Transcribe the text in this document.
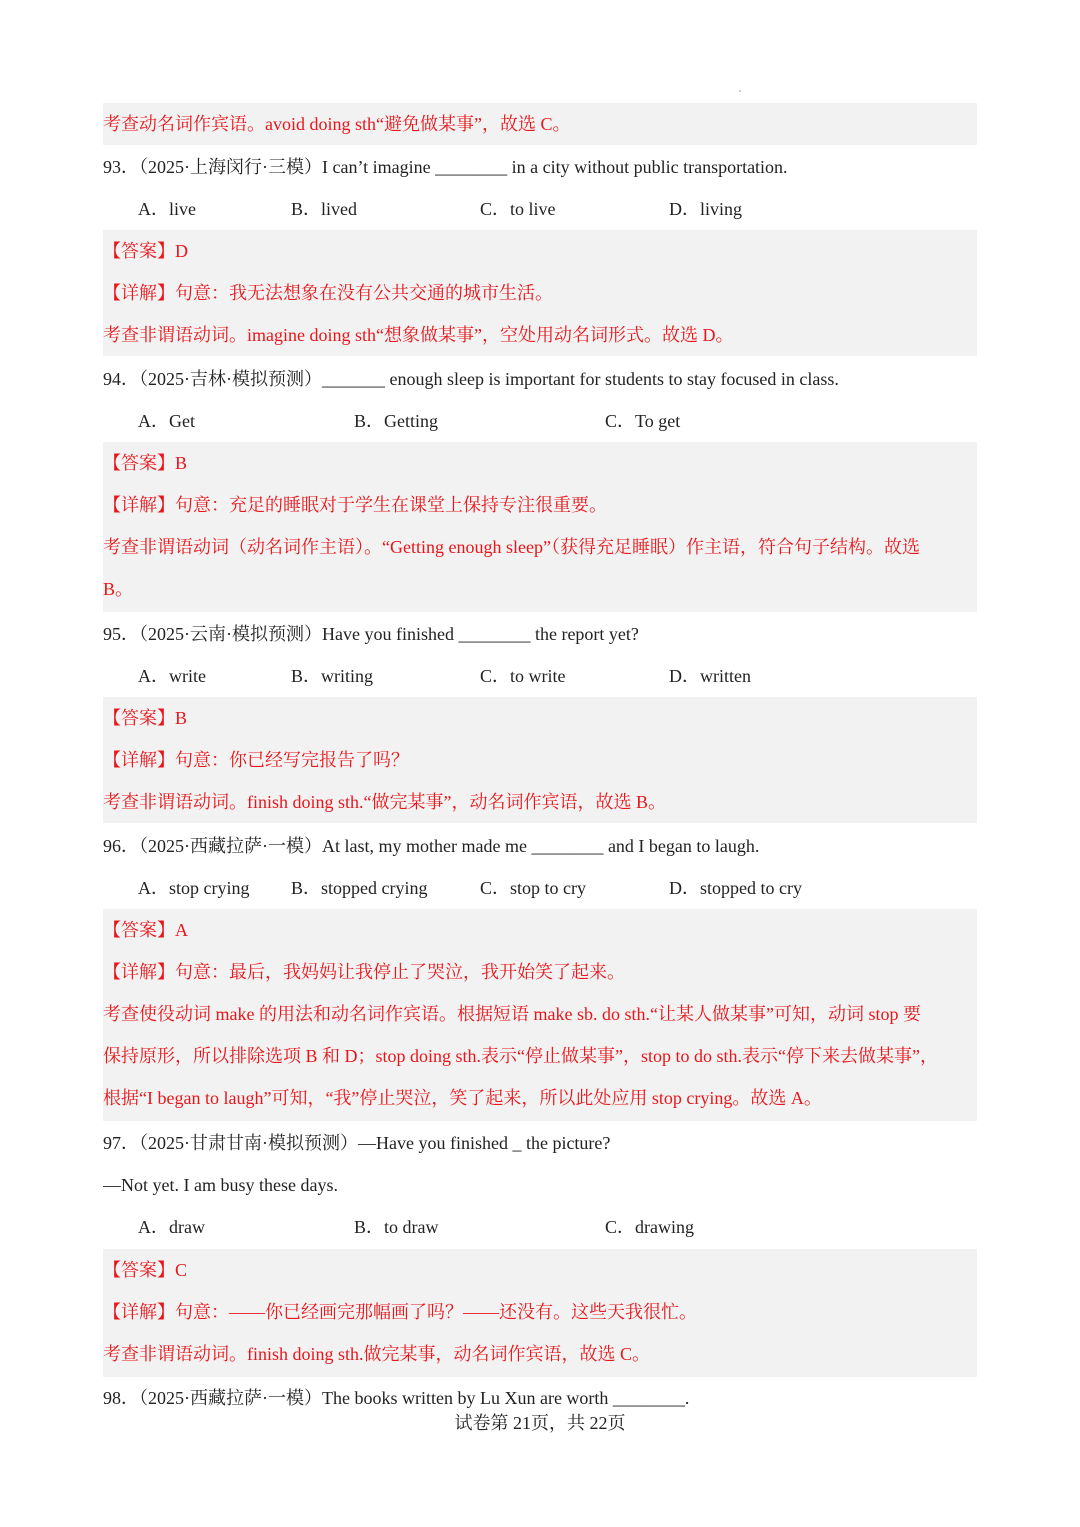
考查动名词作宾语。avoid doing sth“避免做某事”，故选 C。
93．（2025·上海闵行·三模）I can’t imagine ________ in a city without public transportation.
A．live	B．lived	C．to live	D．living
【答案】D
【详解】句意：我无法想象在没有公共交通的城市生活。
考查非谓语动词。imagine doing sth“想象做某事”，空处用动名词形式。故选 D。
94．（2025·吉林·模拟预测）_______ enough sleep is important for students to stay focused in class.
A．Get	B．Getting	C．To get
【答案】B
【详解】句意：充足的睡眠对于学生在课堂上保持专注很重要。
考查非谓语动词（动名词作主语）。“Getting enough sleep”（获得充足睡眠）作主语，符合句子结构。故选
B。
95．（2025·云南·模拟预测）Have you finished ________ the report yet?
A．write	B．writing	C．to write	D．written
【答案】B
【详解】句意：你已经写完报告了吗？
考查非谓语动词。finish doing sth.“做完某事”，动名词作宾语，故选 B。
96．（2025·西藏拉萨·一模）At last, my mother made me ________ and I began to laugh.
A．stop crying B．stopped crying	C．stop to cry	D．stopped to cry
【答案】A
【详解】句意：最后，我妈妈让我停止了哭泣，我开始笑了起来。
考查使役动词 make 的用法和动名词作宾语。根据短语 make sb. do sth.“让某人做某事”可知，动词 stop 要
保持原形，所以排除选项 B 和 D；stop doing sth.表示“停止做某事”，stop to do sth.表示“停下来去做某事”，
根据“I began to laugh”可知，“我”停止哭泣，笑了起来，所以此处应用 stop crying。故选 A。
97．（2025·甘肃甘南·模拟预测）—Have you finished _ the picture?
—Not yet. I am busy these days.
A．draw	B．to draw	C．drawing
【答案】C
【详解】句意：——你已经画完那幅画了吗？——还没有。这些天我很忙。
考查非谓语动词。finish doing sth.做完某事，动名词作宾语，故选 C。
98．（2025·西藏拉萨·一模）The books written by Lu Xun are worth ________.
试卷第 21页，共 22页
